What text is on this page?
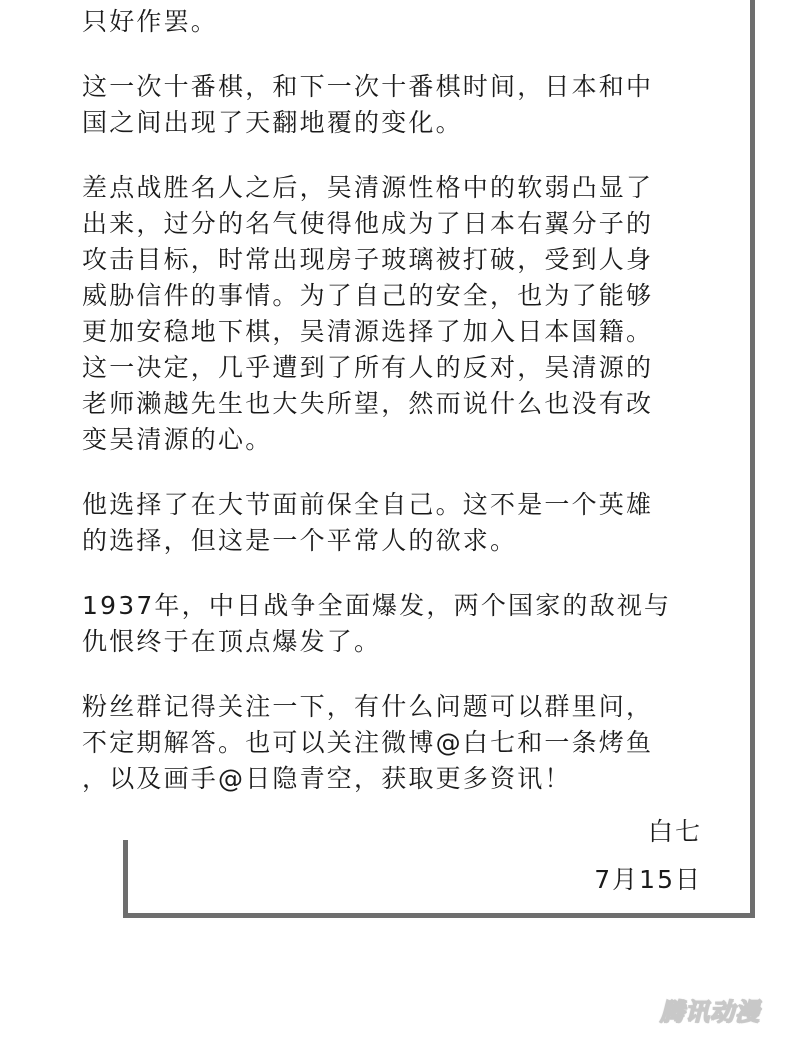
只好作罢。
这一次十番棋，和下一次十番棋时间，日本和中
国之间出现了天翻地覆的变化。
差点战胜名人之后，吴清源性格中的软弱凸显了
出来，过分的名气使得他成为了日本右翼分子的
攻击目标，时常出现房子玻璃被打破，受到人身
威胁信件的事情。为了自己的安全，也为了能够
更加安稳地下棋，吴清源选择了加入日本国籍。
这一决定，几乎遭到了所有人的反对，吴清源的
老师濑越先生也大失所望，然而说什么也没有改
变吴清源的心。
他选择了在大节面前保全自己。这不是一个英雄
的选择，但这是一个平常人的欲求。
1937年，中日战争全面爆发，两个国家的敌视与
仇恨终于在顶点爆发了。
粉丝群记得关注一下，有什么问题可以群里问，
不定期解答。也可以关注微博@白七和一条烤鱼
，以及画手@日隐青空，获取更多资讯！
白七
7月15日
腾讯动漫
